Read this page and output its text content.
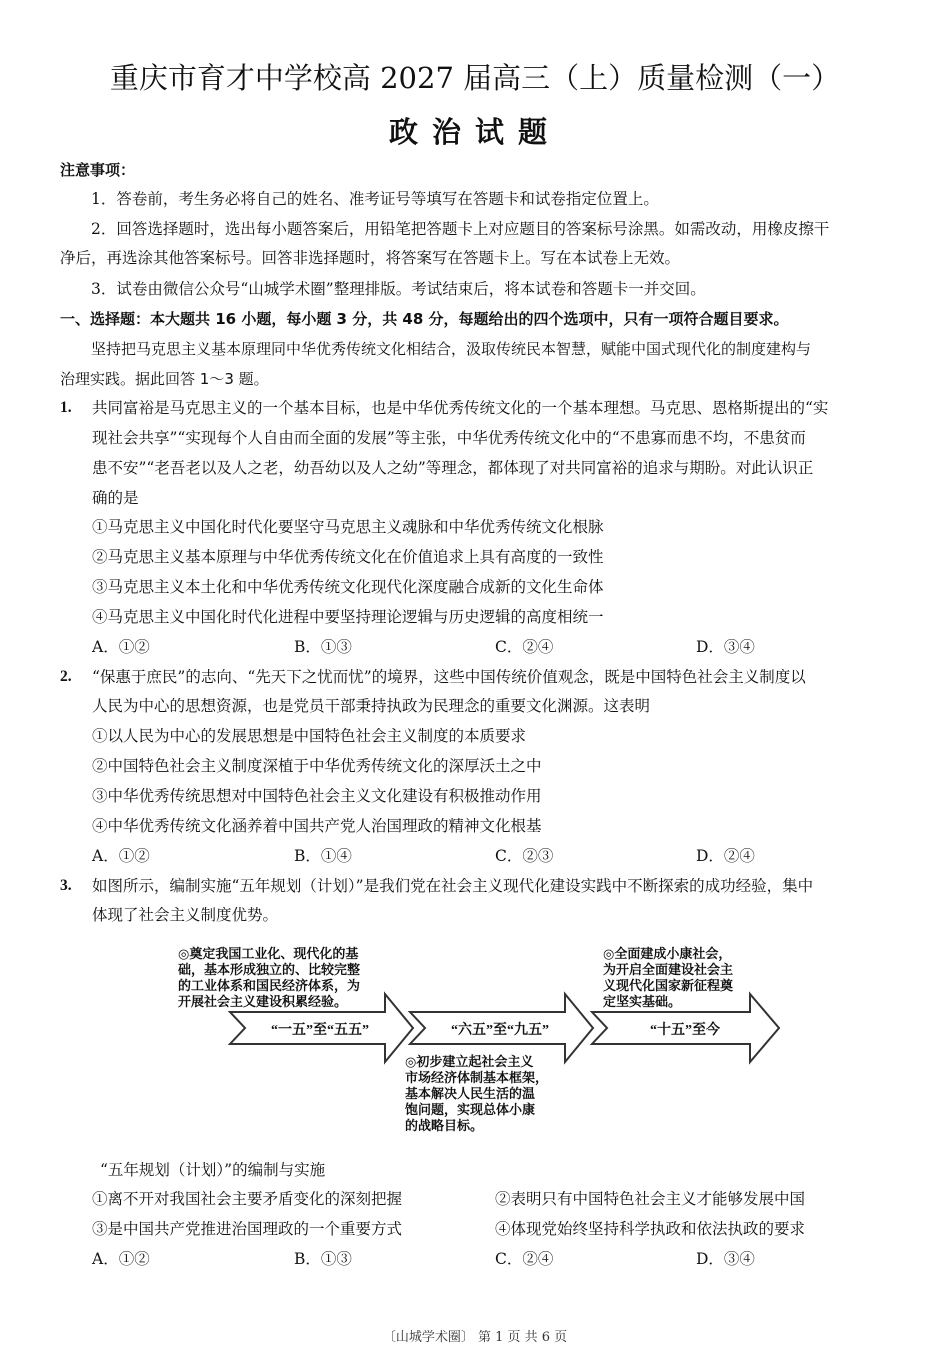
重庆市育才中学校高 2027 届高三（上）质量检测（一）
政治试题
注意事项：
1．答卷前，考生务必将自己的姓名、准考证号等填写在答题卡和试卷指定位置上。
2．回答选择题时，选出每小题答案后，用铅笔把答题卡上对应题目的答案标号涂黑。如需改动，用橡皮擦干
净后，再选涂其他答案标号。回答非选择题时，将答案写在答题卡上。写在本试卷上无效。
3．试卷由微信公众号“山城学术圈”整理排版。考试结束后，将本试卷和答题卡一并交回。
一、选择题：本大题共 16 小题，每小题 3 分，共 48 分，每题给出的四个选项中，只有一项符合题目要求。
坚持把马克思主义基本原理同中华优秀传统文化相结合，汲取传统民本智慧，赋能中国式现代化的制度建构与
治理实践。据此回答 1～3 题。
1. 共同富裕是马克思主义的一个基本目标，也是中华优秀传统文化的一个基本理想。马克思、恩格斯提出的“实
现社会共享”“实现每个人自由而全面的发展”等主张，中华优秀传统文化中的“不患寡而患不均，不患贫而
患不安”“老吾老以及人之老，幼吾幼以及人之幼”等理念，都体现了对共同富裕的追求与期盼。对此认识正
确的是
①马克思主义中国化时代化要坚守马克思主义魂脉和中华优秀传统文化根脉
②马克思主义基本原理与中华优秀传统文化在价值追求上具有高度的一致性
③马克思主义本土化和中华优秀传统文化现代化深度融合成新的文化生命体
④马克思主义中国化时代化进程中要坚持理论逻辑与历史逻辑的高度相统一
A．①②	B．①③	C．②④	D．③④
2. “保惠于庶民”的志向、“先天下之忧而忧”的境界，这些中国传统价值观念，既是中国特色社会主义制度以
人民为中心的思想资源，也是党员干部秉持执政为民理念的重要文化渊源。这表明
①以人民为中心的发展思想是中国特色社会主义制度的本质要求
②中国特色社会主义制度深植于中华优秀传统文化的深厚沃土之中
③中华优秀传统思想对中国特色社会主义文化建设有积极推动作用
④中华优秀传统文化涵养着中国共产党人治国理政的精神文化根基
A．①②	B．①④	C．②③	D．②④
3. 如图所示，编制实施“五年规划（计划）”是我们党在社会主义现代化建设实践中不断探索的成功经验，集中
体现了社会主义制度优势。
“一五”至“五五”	“六五”至“九五”	“十五”至今
◎奠定我国工业化、现代化的基
础，基本形成独立的、比较完整
的工业体系和国民经济体系，为
开展社会主义建设积累经验。
◎初步建立起社会主义
市场经济体制基本框架，
基本解决人民生活的温
饱问题，实现总体小康
的战略目标。
◎全面建成小康社会，
为开启全面建设社会主
义现代化国家新征程奠
定坚实基础。
“五年规划（计划）”的编制与实施
①离不开对我国社会主要矛盾变化的深刻把握	②表明只有中国特色社会主义才能够发展中国
③是中国共产党推进治国理政的一个重要方式	④体现党始终坚持科学执政和依法执政的要求
A．①②	B．①③	C．②④	D．③④
〔山城学术圈〕 第 1 页 共 6 页
